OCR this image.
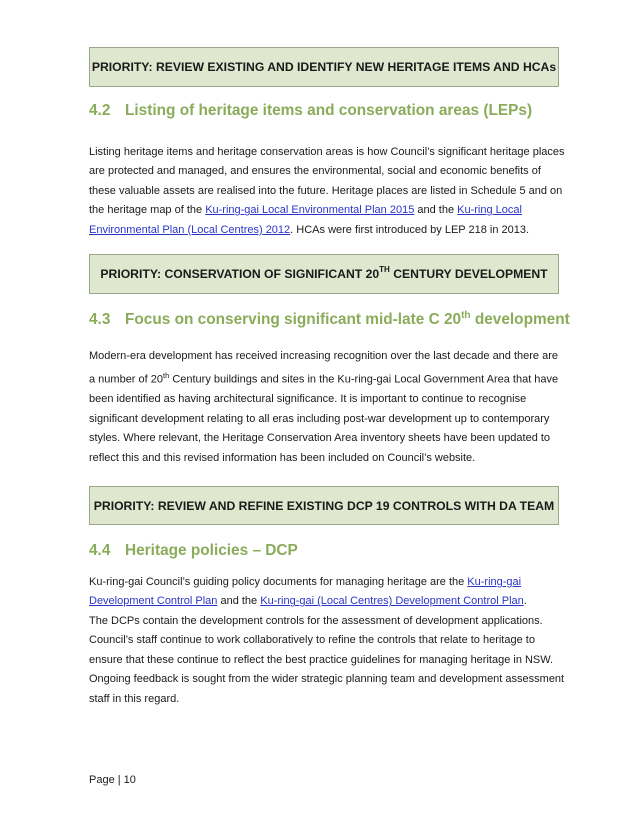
PRIORITY: REVIEW EXISTING AND IDENTIFY NEW HERITAGE ITEMS AND HCAs
4.2 Listing of heritage items and conservation areas (LEPs)

Listing heritage items and heritage conservation areas is how Council’s significant heritage places are protected and managed, and ensures the environmental, social and economic benefits of these valuable assets are realised into the future. Heritage places are listed in Schedule 5 and on the heritage map of the Ku-ring-gai Local Environmental Plan 2015 and the Ku-ring Local Environmental Plan (Local Centres) 2012. HCAs were first introduced by LEP 218 in 2013.

PRIORITY: CONSERVATION OF SIGNIFICANT 20TH CENTURY DEVELOPMENT
4.3 Focus on conserving significant mid-late C 20th development

Modern-era development has received increasing recognition over the last decade and there are a number of 20th Century buildings and sites in the Ku-ring-gai Local Government Area that have been identified as having architectural significance. It is important to continue to recognise significant development relating to all eras including post-war development up to contemporary styles. Where relevant, the Heritage Conservation Area inventory sheets have been updated to reflect this and this revised information has been included on Council’s website.

PRIORITY: REVIEW AND REFINE EXISTING DCP 19 CONTROLS WITH DA TEAM
4.4 Heritage policies – DCP

Ku-ring-gai Council’s guiding policy documents for managing heritage are the Ku-ring-gai Development Control Plan and the Ku-ring-gai (Local Centres) Development Control Plan.

The DCPs contain the development controls for the assessment of development applications. Council’s staff continue to work collaboratively to refine the controls that relate to heritage to ensure that these continue to reflect the best practice guidelines for managing heritage in NSW. Ongoing feedback is sought from the wider strategic planning team and development assessment staff in this regard.

Page | 10
